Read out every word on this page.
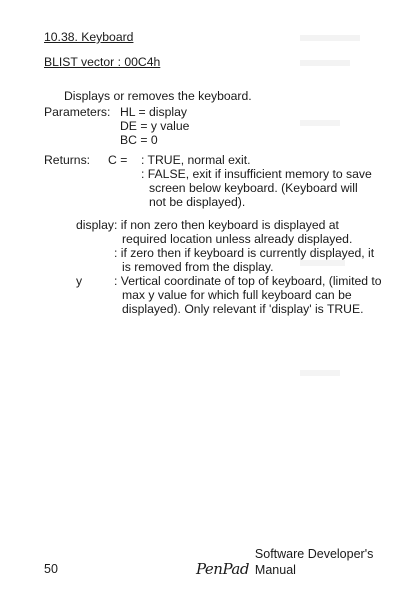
10.38. Keyboard
BLIST vector : 00C4h
Displays or removes the keyboard.
Parameters: HL = display
DE = y value
BC = 0
Returns: C =	: TRUE, normal exit.

: FALSE, exit if insufficient memory to save screen below keyboard. (Keyboard will not be displayed).

display : if non zero then keyboard is displayed at required location unless already displayed.
: if zero then if keyboard is currently displayed, it is removed from the display.
y	: Vertical coordinate of top of keyboard, (limited to max y value for which full keyboard can be displayed). Only relevant if 'display' is TRUE.
50	PenPad
Software Developer's Manual
